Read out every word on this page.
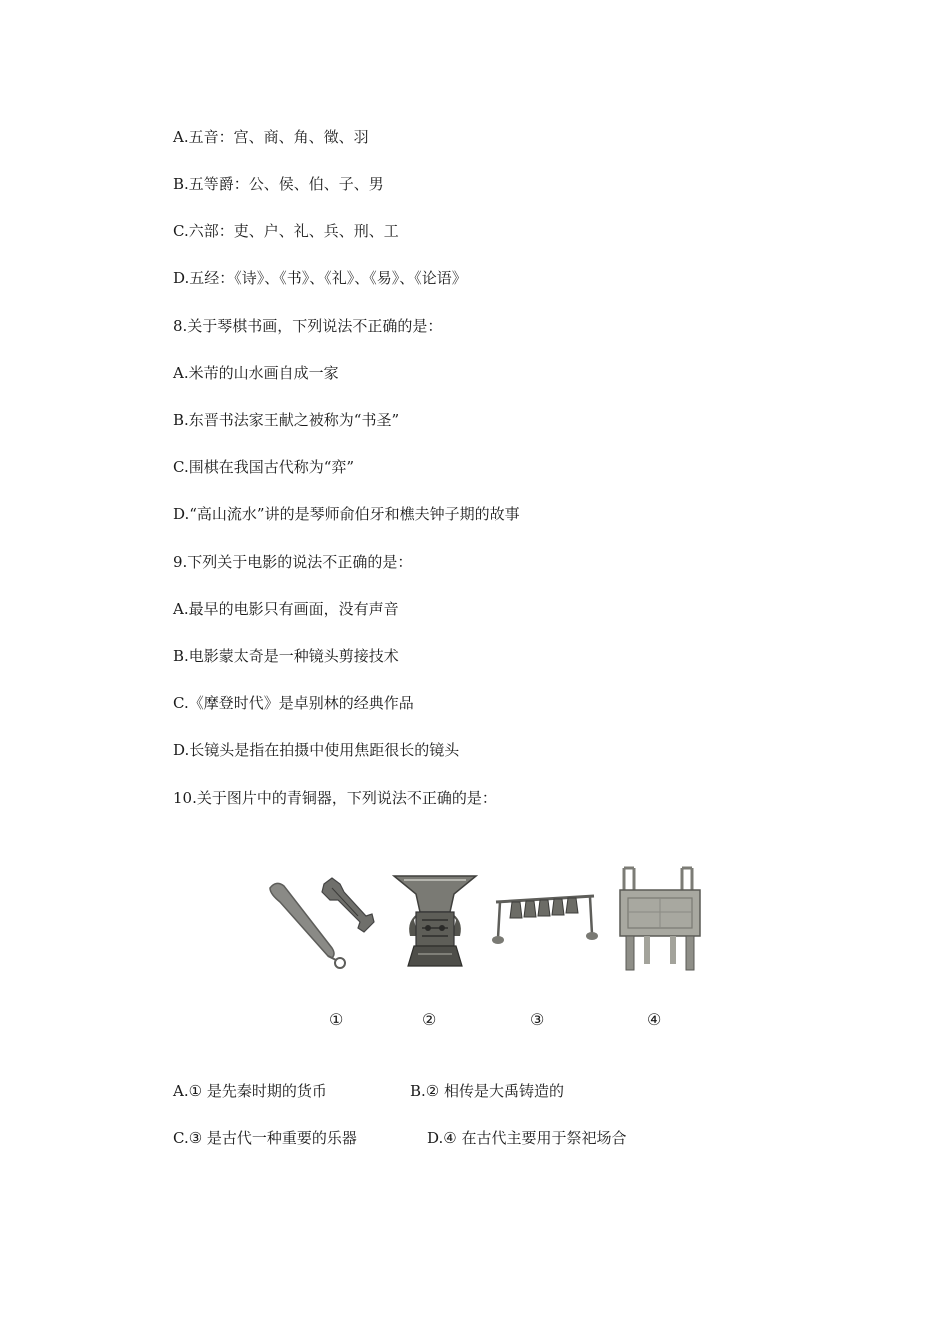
A.五音：宫、商、角、徵、羽
B.五等爵：公、侯、伯、子、男
C.六部：吏、户、礼、兵、刑、工
D.五经：《诗》、《书》、《礼》、《易》、《论语》
8.关于琴棋书画，下列说法不正确的是：
A.米芾的山水画自成一家
B.东晋书法家王献之被称为“书圣”
C.围棋在我国古代称为“弈”
D.“高山流水”讲的是琴师俞伯牙和樵夫钟子期的故事
9.下列关于电影的说法不正确的是：
A.最早的电影只有画面，没有声音
B.电影蒙太奇是一种镜头剪接技术
C.《摩登时代》是卓别林的经典作品
D.长镜头是指在拍摄中使用焦距很长的镜头
10.关于图片中的青铜器，下列说法不正确的是：
①	②	③	④
A.① 是先秦时期的货币	B.② 相传是大禹铸造的
C.③ 是古代一种重要的乐器	D.④ 在古代主要用于祭祀场合
